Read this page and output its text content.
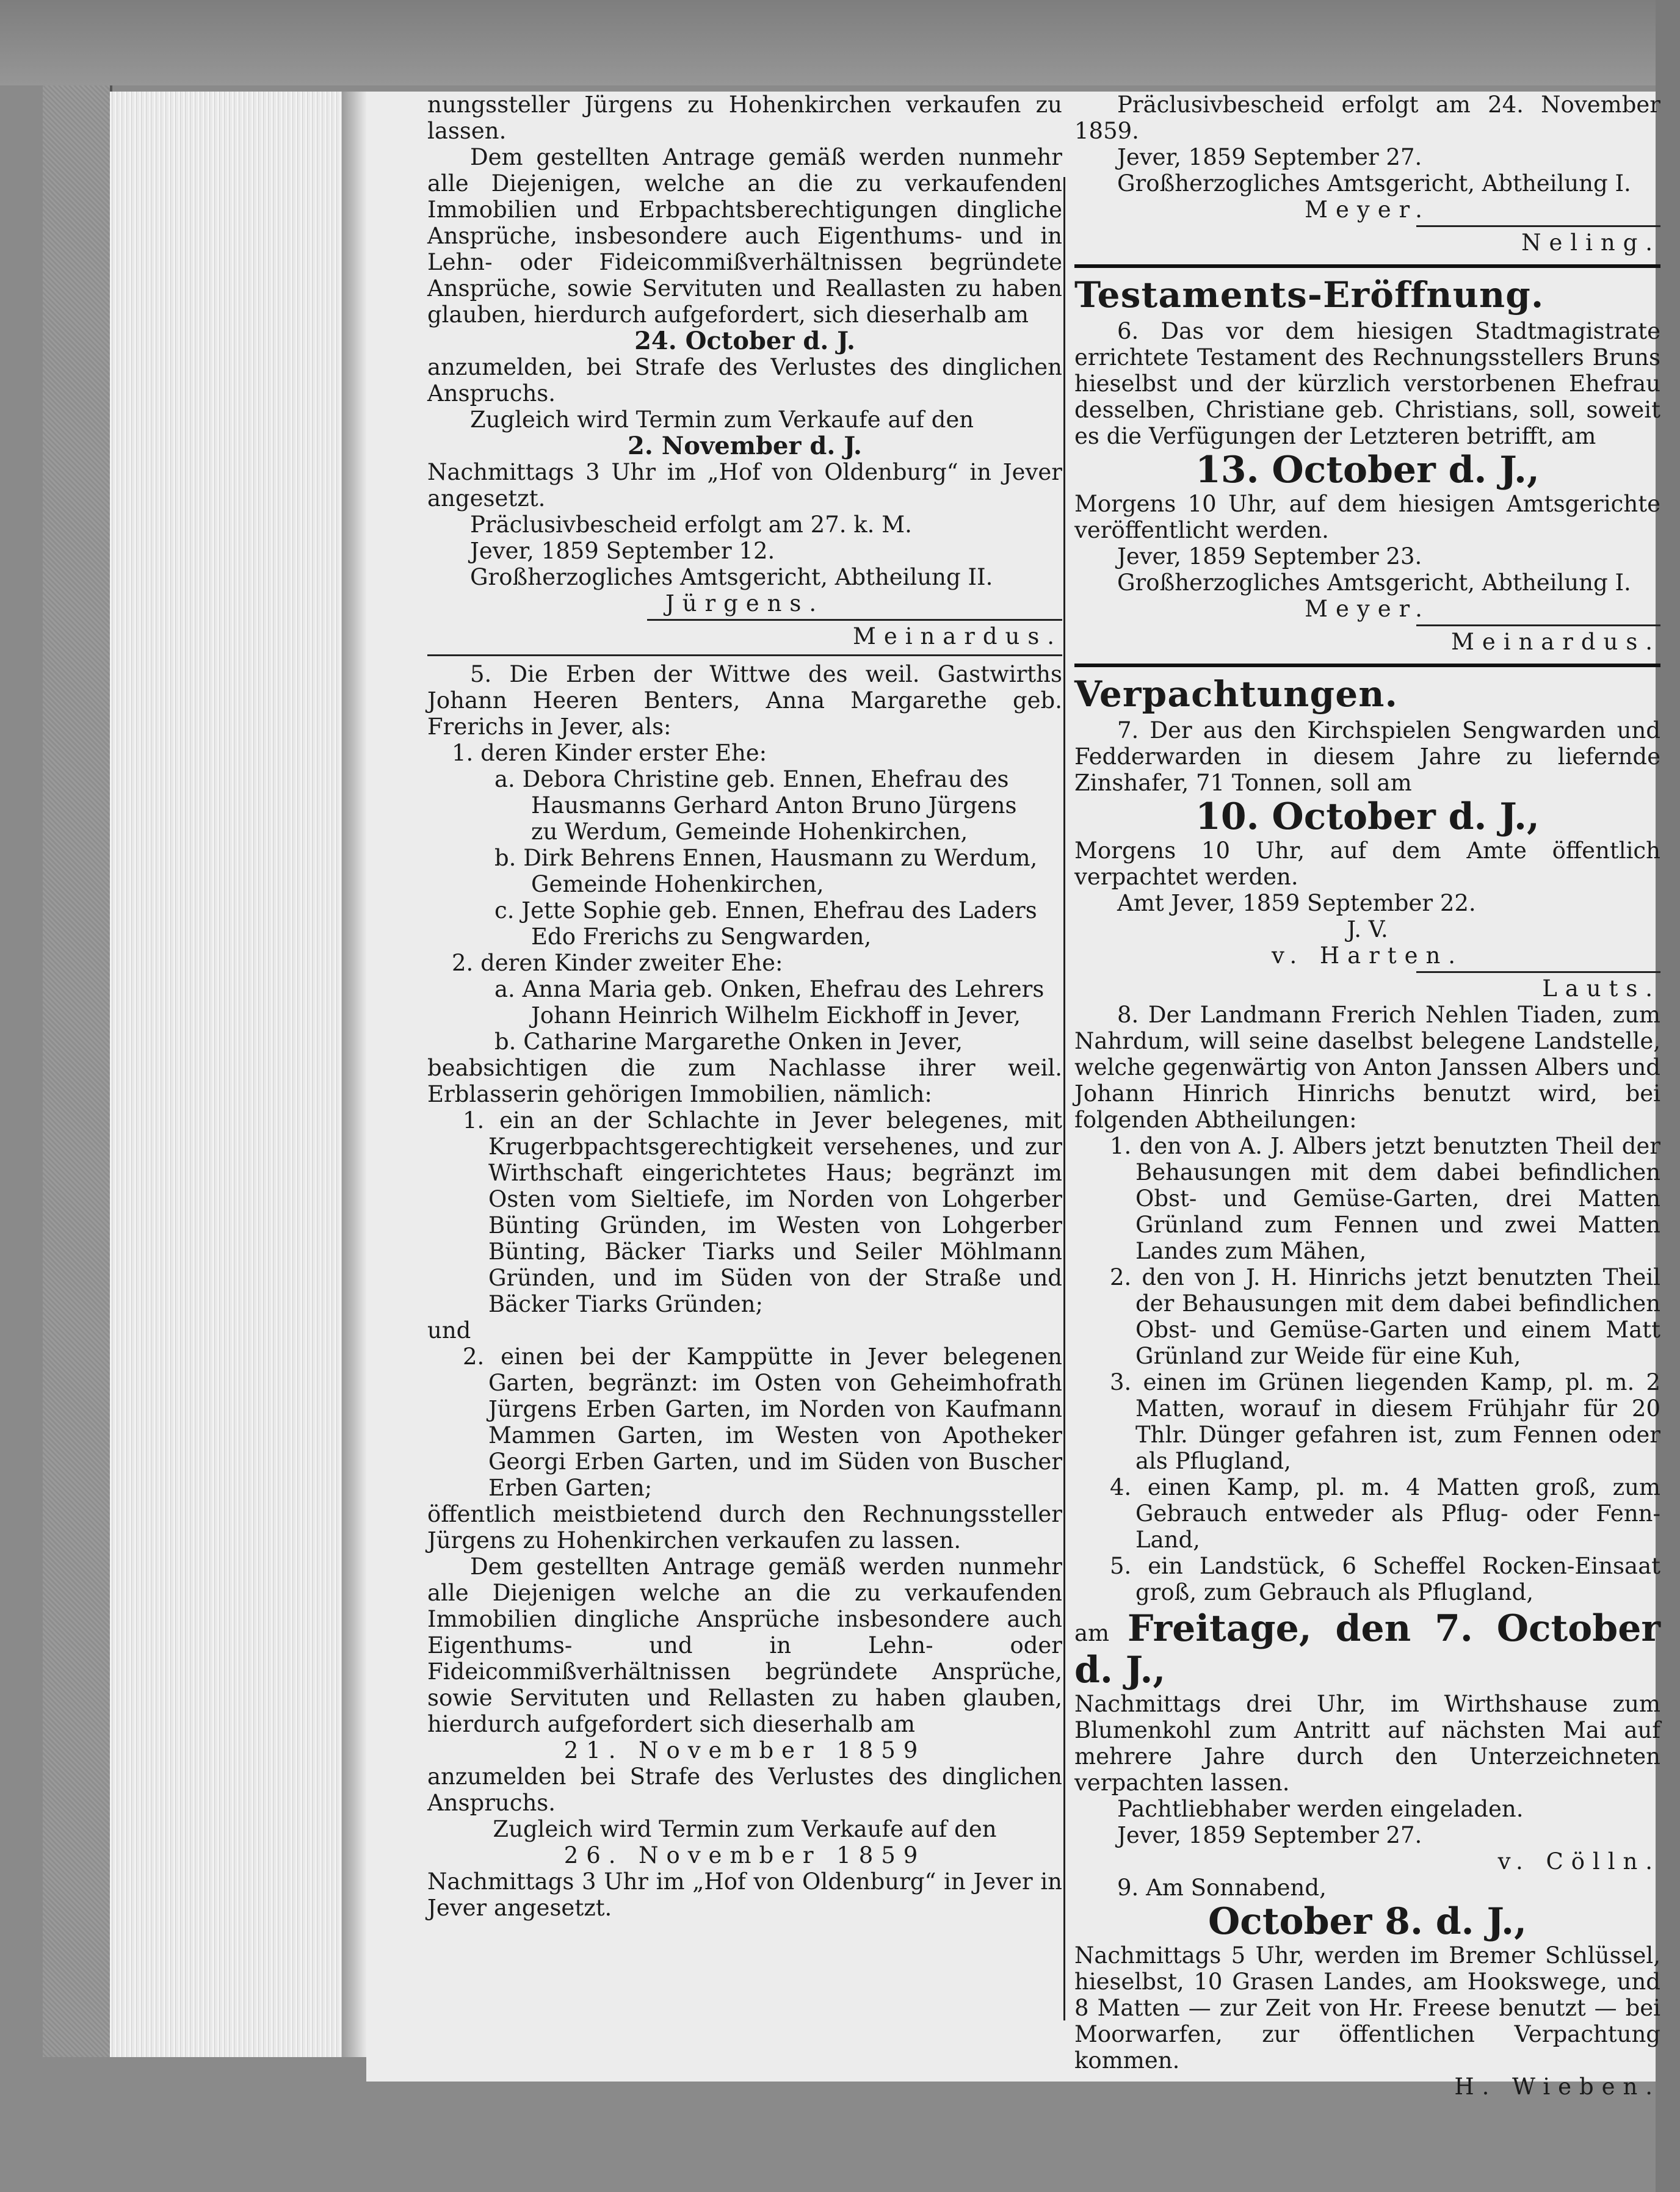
nungssteller Jürgens zu Hohenkirchen verkaufen zu lassen.

Dem gestellten Antrage gemäß werden nunmehr alle Diejenigen, welche an die zu verkaufenden Immobilien und Erbpachtsberechtigungen dingliche Ansprüche, insbesondere auch Eigenthums- und in Lehn- oder Fideicommißverhältnissen begründete Ansprüche, sowie Servituten und Reallasten zu haben glauben, hierdurch aufgefordert, sich dieserhalb am

24. October d. J.

anzumelden, bei Strafe des Verlustes des dinglichen Anspruchs.

Zugleich wird Termin zum Verkaufe auf den

2. November d. J.

Nachmittags 3 Uhr im „Hof von Oldenburg“ in Jever angesetzt.

Präclusivbescheid erfolgt am 27. k. M.

Jever, 1859 September 12.

Großherzogliches Amtsgericht, Abtheilung II.

Jürgens.

Meinardus.

5. Die Erben der Wittwe des weil. Gastwirths Johann Heeren Benters, Anna Margarethe geb. Frerichs in Jever, als:

1. deren Kinder erster Ehe:

a. Debora Christine geb. Ennen, Ehefrau des

Hausmanns Gerhard Anton Bruno Jürgens

zu Werdum, Gemeinde Hohenkirchen,

b. Dirk Behrens Ennen, Hausmann zu Werdum,

Gemeinde Hohenkirchen,

c. Jette Sophie geb. Ennen, Ehefrau des Laders

Edo Frerichs zu Sengwarden,

2. deren Kinder zweiter Ehe:

a. Anna Maria geb. Onken, Ehefrau des Lehrers

Johann Heinrich Wilhelm Eickhoff in Jever,

b. Catharine Margarethe Onken in Jever,

beabsichtigen die zum Nachlasse ihrer weil. Erblasserin gehörigen Immobilien, nämlich:

1. ein an der Schlachte in Jever belegenes, mit Krugerbpachtsgerechtigkeit versehenes, und zur Wirthschaft eingerichtetes Haus; begränzt im Osten vom Sieltiefe, im Norden von Lohgerber Bünting Gründen, im Westen von Lohgerber Bünting, Bäcker Tiarks und Seiler Möhlmann Gründen, und im Süden von der Straße und Bäcker Tiarks Gründen;

und

2. einen bei der Kamppütte in Jever belegenen Garten, begränzt: im Osten von Geheimhofrath Jürgens Erben Garten, im Norden von Kaufmann Mammen Garten, im Westen von Apotheker Georgi Erben Garten, und im Süden von Buscher Erben Garten;

öffentlich meistbietend durch den Rechnungssteller Jürgens zu Hohenkirchen verkaufen zu lassen.

Dem gestellten Antrage gemäß werden nunmehr alle Diejenigen welche an die zu verkaufenden Immobilien dingliche Ansprüche insbesondere auch Eigenthums- und in Lehn- oder Fideicommißverhältnissen begründete Ansprüche, sowie Servituten und Rellasten zu haben glauben, hierdurch aufgefordert sich dieserhalb am

21. November 1859

anzumelden bei Strafe des Verlustes des dinglichen Anspruchs.

Zugleich wird Termin zum Verkaufe auf den

26. November 1859

Nachmittags 3 Uhr im „Hof von Oldenburg“ in Jever in Jever angesetzt.

Präclusivbescheid erfolgt am 24. November 1859.

Jever, 1859 September 27.

Großherzogliches Amtsgericht, Abtheilung I.

Meyer.

Neling.

Testaments-Eröffnung.

6. Das vor dem hiesigen Stadtmagistrate errichtete Testament des Rechnungsstellers Bruns hieselbst und der kürzlich verstorbenen Ehefrau desselben, Christiane geb. Christians, soll, soweit es die Verfügungen der Letzteren betrifft, am

13. October d. J.,

Morgens 10 Uhr, auf dem hiesigen Amtsgerichte veröffentlicht werden.

Jever, 1859 September 23.

Großherzogliches Amtsgericht, Abtheilung I.

Meyer.

Meinardus.

Verpachtungen.

7. Der aus den Kirchspielen Sengwarden und Fedderwarden in diesem Jahre zu liefernde Zinshafer, 71 Tonnen, soll am

10. October d. J.,

Morgens 10 Uhr, auf dem Amte öffentlich verpachtet werden.

Amt Jever, 1859 September 22.

J. V.

v. Harten.

Lauts.

8. Der Landmann Frerich Nehlen Tiaden, zum Nahrdum, will seine daselbst belegene Landstelle, welche gegenwärtig von Anton Janssen Albers und Johann Hinrich Hinrichs benutzt wird, bei folgenden Abtheilungen:

1. den von A. J. Albers jetzt benutzten Theil der Behausungen mit dem dabei befindlichen Obst- und Gemüse-Garten, drei Matten Grünland zum Fennen und zwei Matten Landes zum Mähen,

2. den von J. H. Hinrichs jetzt benutzten Theil der Behausungen mit dem dabei befindlichen Obst- und Gemüse-Garten und einem Matt Grünland zur Weide für eine Kuh,

3. einen im Grünen liegenden Kamp, pl. m. 2 Matten, worauf in diesem Frühjahr für 20 Thlr. Dünger gefahren ist, zum Fennen oder als Pflugland,

4. einen Kamp, pl. m. 4 Matten groß, zum Gebrauch entweder als Pflug- oder Fenn-Land,

5. ein Landstück, 6 Scheffel Rocken-Einsaat groß, zum Gebrauch als Pflugland,

am Freitage, den 7. October d. J.,

Nachmittags drei Uhr, im Wirthshause zum Blumenkohl zum Antritt auf nächsten Mai auf mehrere Jahre durch den Unterzeichneten verpachten lassen.

Pachtliebhaber werden eingeladen.

Jever, 1859 September 27.

v. Cölln.

9. Am Sonnabend,

October 8. d. J.,

Nachmittags 5 Uhr, werden im Bremer Schlüssel, hieselbst, 10 Grasen Landes, am Hookswege, und 8 Matten — zur Zeit von Hr. Freese benutzt — bei Moorwarfen, zur öffentlichen Verpachtung kommen.

H. Wieben.
